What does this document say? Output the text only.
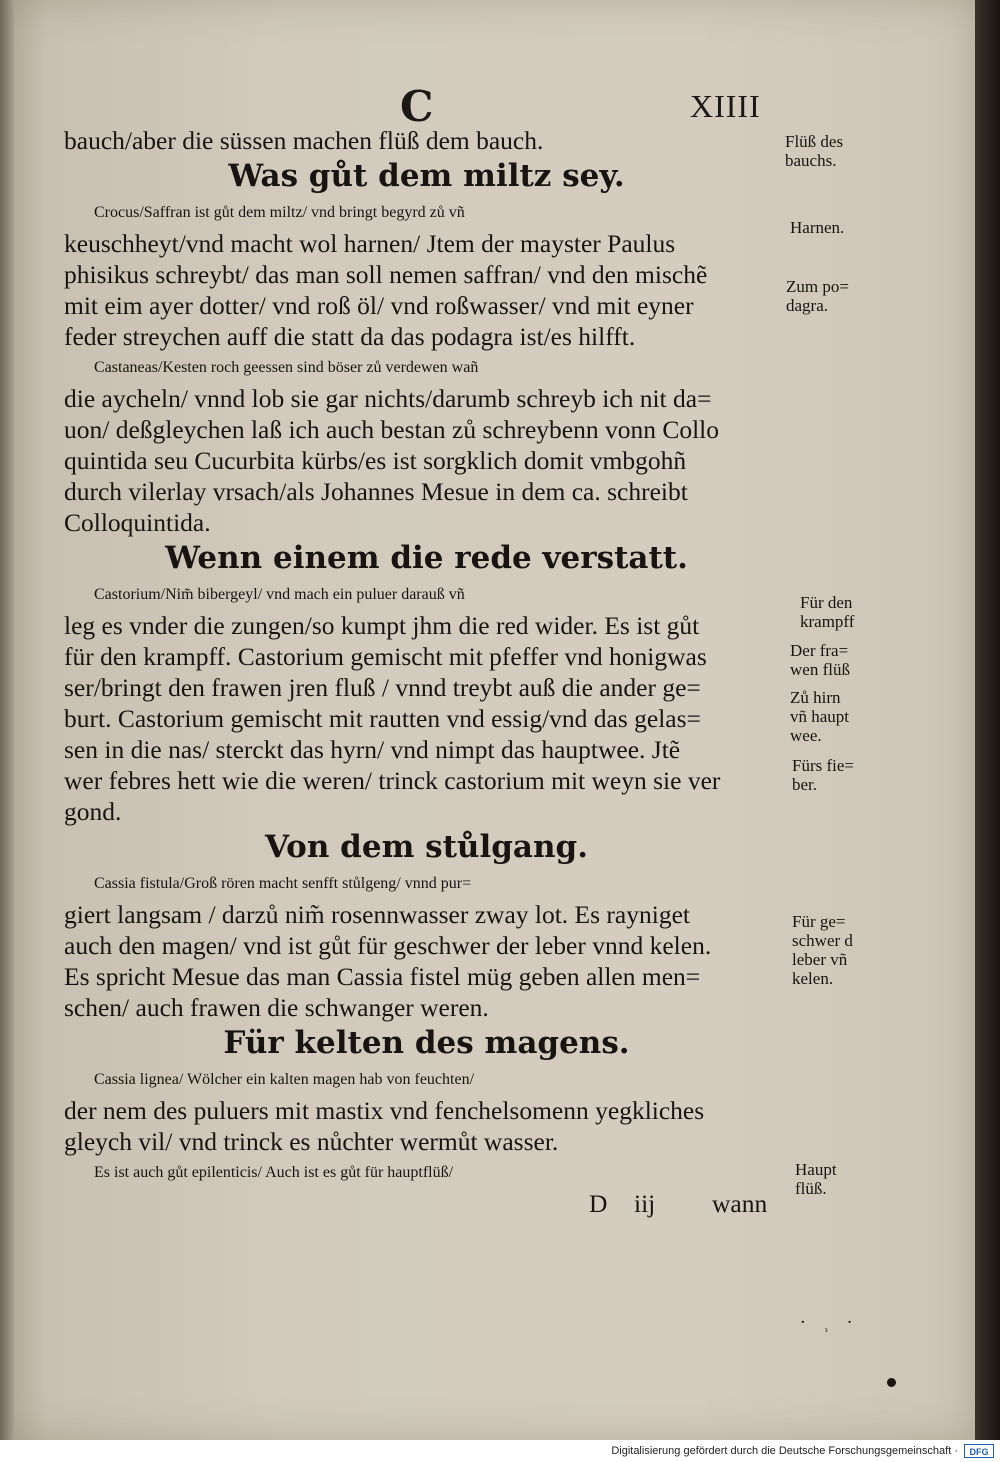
C	XIIII
bauch/aber die süssen machen flüß dem bauch.
Was gůt dem miltz sey.
Crocus/Saffran ist gůt dem miltz/ vnd bringt begyrd zů vñ
keuschheyt/vnd macht wol harnen/ Jtem der mayster Paulus
phisikus schreybt/ das man soll nemen saffran/ vnd den mischẽ
mit eim ayer dotter/ vnd roß öl/ vnd roßwasser/ vnd mit eyner
feder streychen auff die statt da das podagra ist/es hilfft.
Castaneas/Kesten roch geessen sind böser zů verdewen wañ
die aycheln/ vnnd lob sie gar nichts/darumb schreyb ich nit da=
uon/ deßgleychen laß ich auch bestan zů schreybenn vonn Collo
quintida seu Cucurbita kürbs/es ist sorgklich domit vmbgohñ
durch vilerlay vrsach/als Johannes Mesue in dem ca. schreibt
Colloquintida.
Wenn einem die rede verstatt.
Castorium/Nim̃ bibergeyl/ vnd mach ein puluer darauß vñ
leg es vnder die zungen/so kumpt jhm die red wider. Es ist gůt
für den krampff. Castorium gemischt mit pfeffer vnd honigwas
ser/bringt den frawen jren fluß / vnnd treybt auß die ander ge=
burt. Castorium gemischt mit rautten vnd essig/vnd das gelas=
sen in die nas/ sterckt das hyrn/ vnd nimpt das hauptwee. Jtẽ
wer febres hett wie die weren/ trinck castorium mit weyn sie ver
gond.
Von dem stůlgang.
Cassia fistula/Groß rören macht senfft stůlgeng/ vnnd pur=
giert langsam / darzů nim̃ rosennwasser zway lot. Es rayniget
auch den magen/ vnd ist gůt für geschwer der leber vnnd kelen.
Es spricht Mesue das man Cassia fistel müg geben allen men=
schen/ auch frawen die schwanger weren.
Für kelten des magens.
Cassia lignea/ Wölcher ein kalten magen hab von feuchten/
der nem des puluers mit mastix vnd fenchelsomenn yegkliches
gleych vil/ vnd trinck es nůchter wermůt wasser.
Es ist auch gůt epilenticis/ Auch ist es gůt für hauptflüß/
D iij wann
Flüß des
bauchs.
Harnen.
Zum po=
dagra.
Für den
krampff
Der fra=
wen flüß
Zů hirn
vñ haupt
wee.
Fürs fie=
ber.
Für ge=
schwer d
leber vñ
kelen.
Haupt
flüß.
· ⸒ ·
Digitalisierung gefördert durch die Deutsche Forschungsgemeinschaft ·	DFG
